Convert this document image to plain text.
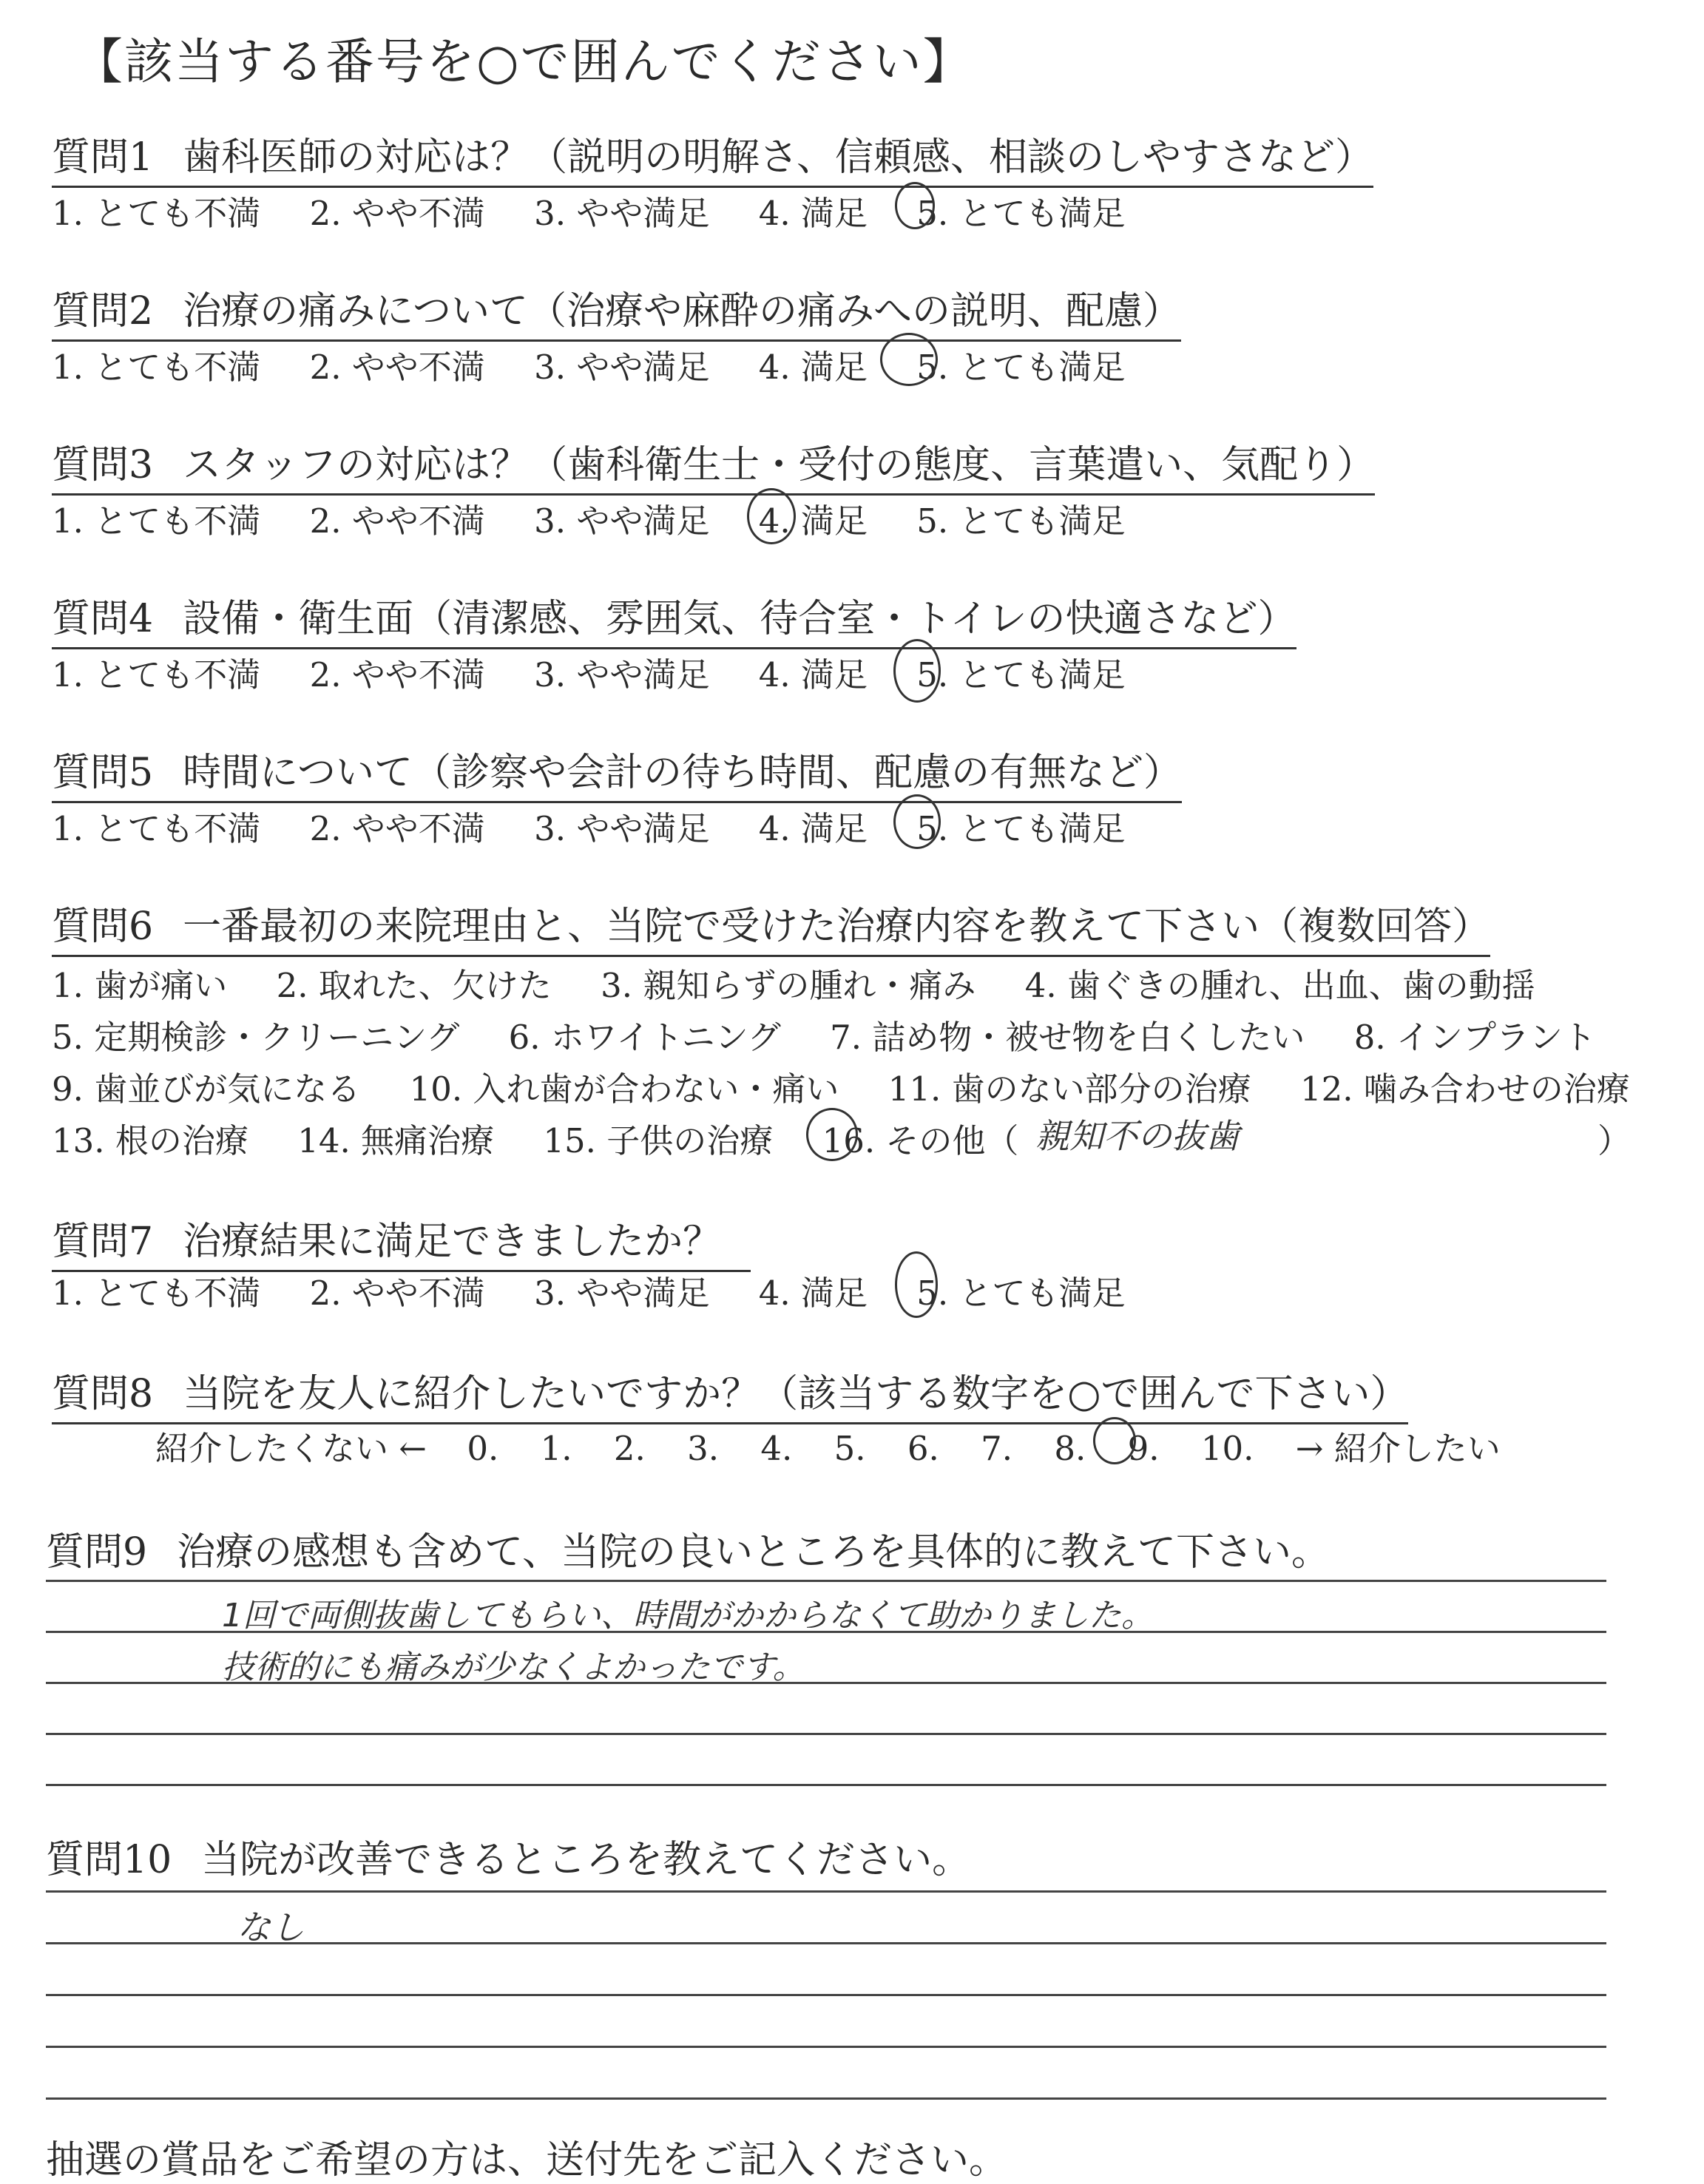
【該当する番号を○で囲んでください】
質問1 歯科医師の対応は？（説明の明解さ、信頼感、相談のしやすさなど）
1. とても不満 2. やや不満 3. やや満足 4. 満足 5. とても満足
質問2 治療の痛みについて（治療や麻酔の痛みへの説明、配慮）
1. とても不満 2. やや不満 3. やや満足 4. 満足 5. とても満足
質問3 スタッフの対応は？（歯科衛生士・受付の態度、言葉遣い、気配り）
1. とても不満 2. やや不満 3. やや満足 4. 満足 5. とても満足
質問4 設備・衛生面（清潔感、雰囲気、待合室・トイレの快適さなど）
1. とても不満 2. やや不満 3. やや満足 4. 満足 5. とても満足
質問5 時間について（診察や会計の待ち時間、配慮の有無など）
1. とても不満 2. やや不満 3. やや満足 4. 満足 5. とても満足
質問6 一番最初の来院理由と、当院で受けた治療内容を教えて下さい（複数回答）
1. 歯が痛い 2. 取れた、欠けた 3. 親知らずの腫れ・痛み 4. 歯ぐきの腫れ、出血、歯の動揺
5. 定期検診・クリーニング 6. ホワイトニング 7. 詰め物・被せ物を白くしたい 8. インプラント
9. 歯並びが気になる 10. 入れ歯が合わない・痛い 11. 歯のない部分の治療 12. 噛み合わせの治療
13. 根の治療 14. 無痛治療 15. 子供の治療 16. その他（ 親知不の抜歯	）
質問7 治療結果に満足できましたか？
1. とても不満 2. やや不満 3. やや満足 4. 満足 5. とても満足
質問8 当院を友人に紹介したいですか？（該当する数字を○で囲んで下さい）
紹介したくない ← 0. 1. 2. 3. 4. 5. 6. 7. 8. 9. 10. → 紹介したい
質問9 治療の感想も含めて、当院の良いところを具体的に教えて下さい。
1回で両側抜歯してもらい、時間がかからなくて助かりました。
技術的にも痛みが少なくよかったです。
質問10 当院が改善できるところを教えてください。
なし
抽選の賞品をご希望の方は、送付先をご記入ください。
